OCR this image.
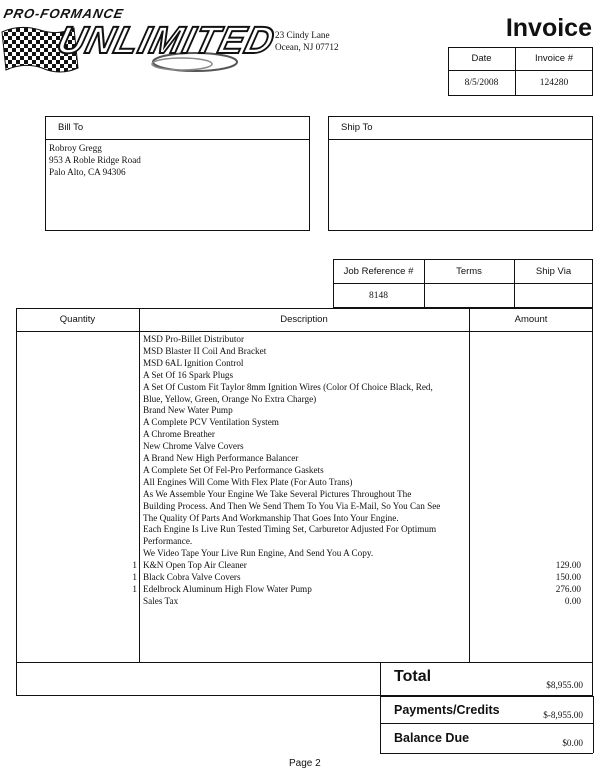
PRO-FORMANCE
UNLIMITED
23 Cindy Lane
Ocean, NJ 07712
Invoice
Date	Invoice #
8/5/2008	124280
Bill To
Robroy Gregg
953 A Roble Ridge Road
Palo Alto, CA 94306
Ship To
Job Reference #	Terms	Ship Via
8148
Quantity	Description	Amount
MSD Pro-Billet Distributor
MSD Blaster II Coil And Bracket
MSD 6AL Ignition Control
A Set Of 16 Spark Plugs
A Set Of Custom Fit Taylor 8mm Ignition Wires (Color Of Choice Black, Red,
Blue, Yellow, Green, Orange No Extra Charge)
Brand New Water Pump
A Complete PCV Ventilation System
A Chrome Breather
New Chrome Valve Covers
A Brand New High Performance Balancer
A Complete Set Of Fel-Pro Performance Gaskets
All Engines Will Come With Flex Plate (For Auto Trans)
As We Assemble Your Engine We Take Several Pictures Throughout The
Building Process. And Then We Send Them To You Via E-Mail, So You Can See
The Quality Of Parts And Workmanship That Goes Into Your Engine.
Each Engine Is Live Run Tested Timing Set, Carburetor Adjusted For Optimum
Performance.
We Video Tape Your Live Run Engine, And Send You A Copy.
1 K&N Open Top Air Cleaner	129.00
1 Black Cobra Valve Covers	150.00
1 Edelbrock Aluminum High Flow Water Pump	276.00
Sales Tax	0.00
Total	$8,955.00
Payments/Credits	$-8,955.00
Balance Due	$0.00
Page 2
